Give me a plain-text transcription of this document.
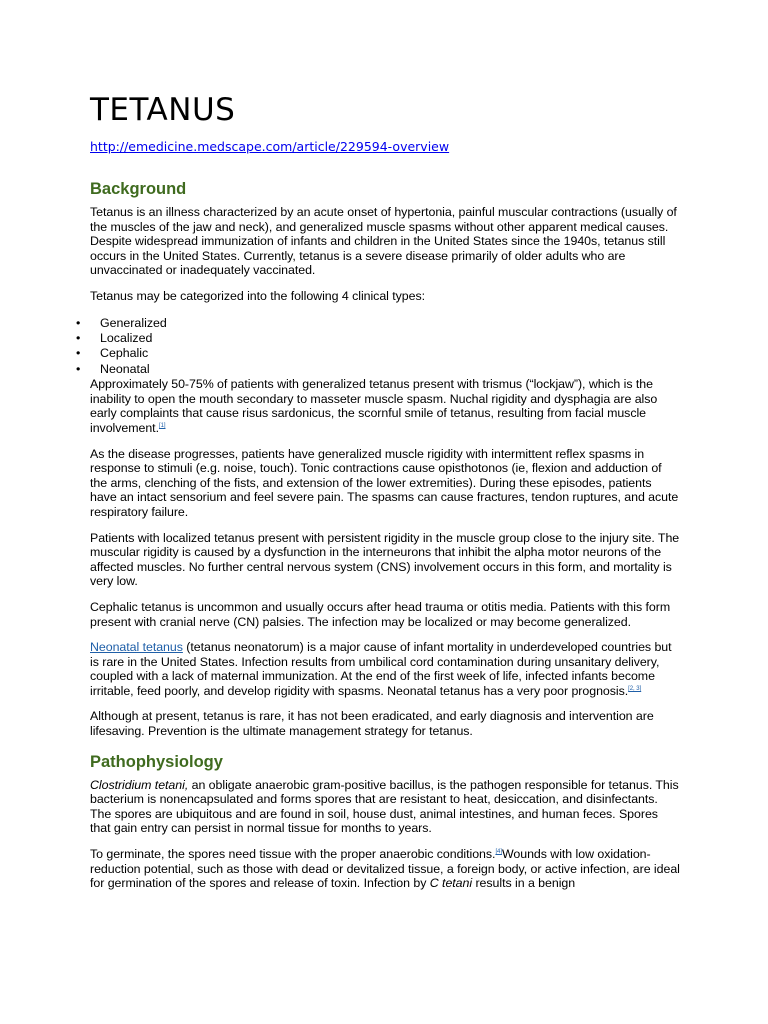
TETANUS
http://emedicine.medscape.com/article/229594-overview
Background

Tetanus is an illness characterized by an acute onset of hypertonia, painful muscular contractions (usually of the muscles of the jaw and neck), and generalized muscle spasms without other apparent medical causes. Despite widespread immunization of infants and children in the United States since the 1940s, tetanus still occurs in the United States. Currently, tetanus is a severe disease primarily of older adults who are unvaccinated or inadequately vaccinated.

Tetanus may be categorized into the following 4 clinical types:

• Generalized
• Localized
• Cephalic
• Neonatal

Approximately 50-75% of patients with generalized tetanus present with trismus (“lockjaw”), which is the inability to open the mouth secondary to masseter muscle spasm. Nuchal rigidity and dysphagia are also early complaints that cause risus sardonicus, the scornful smile of tetanus, resulting from facial muscle involvement.[1]

As the disease progresses, patients have generalized muscle rigidity with intermittent reflex spasms in response to stimuli (e.g. noise, touch). Tonic contractions cause opisthotonos (ie, flexion and adduction of the arms, clenching of the fists, and extension of the lower extremities). During these episodes, patients have an intact sensorium and feel severe pain. The spasms can cause fractures, tendon ruptures, and acute respiratory failure.

Patients with localized tetanus present with persistent rigidity in the muscle group close to the injury site. The muscular rigidity is caused by a dysfunction in the interneurons that inhibit the alpha motor neurons of the affected muscles. No further central nervous system (CNS) involvement occurs in this form, and mortality is very low.

Cephalic tetanus is uncommon and usually occurs after head trauma or otitis media. Patients with this form present with cranial nerve (CN) palsies. The infection may be localized or may become generalized.

Neonatal tetanus (tetanus neonatorum) is a major cause of infant mortality in underdeveloped countries but is rare in the United States. Infection results from umbilical cord contamination during unsanitary delivery, coupled with a lack of maternal immunization. At the end of the first week of life, infected infants become irritable, feed poorly, and develop rigidity with spasms. Neonatal tetanus has a very poor prognosis.[2, 3]

Although at present, tetanus is rare, it has not been eradicated, and early diagnosis and intervention are lifesaving. Prevention is the ultimate management strategy for tetanus.

Pathophysiology

Clostridium tetani, an obligate anaerobic gram-positive bacillus, is the pathogen responsible for tetanus. This bacterium is nonencapsulated and forms spores that are resistant to heat, desiccation, and disinfectants. The spores are ubiquitous and are found in soil, house dust, animal intestines, and human feces. Spores that gain entry can persist in normal tissue for months to years.

To germinate, the spores need tissue with the proper anaerobic conditions.[4]Wounds with low oxidation-reduction potential, such as those with dead or devitalized tissue, a foreign body, or active infection, are ideal for germination of the spores and release of toxin. Infection by C tetani results in a benign
